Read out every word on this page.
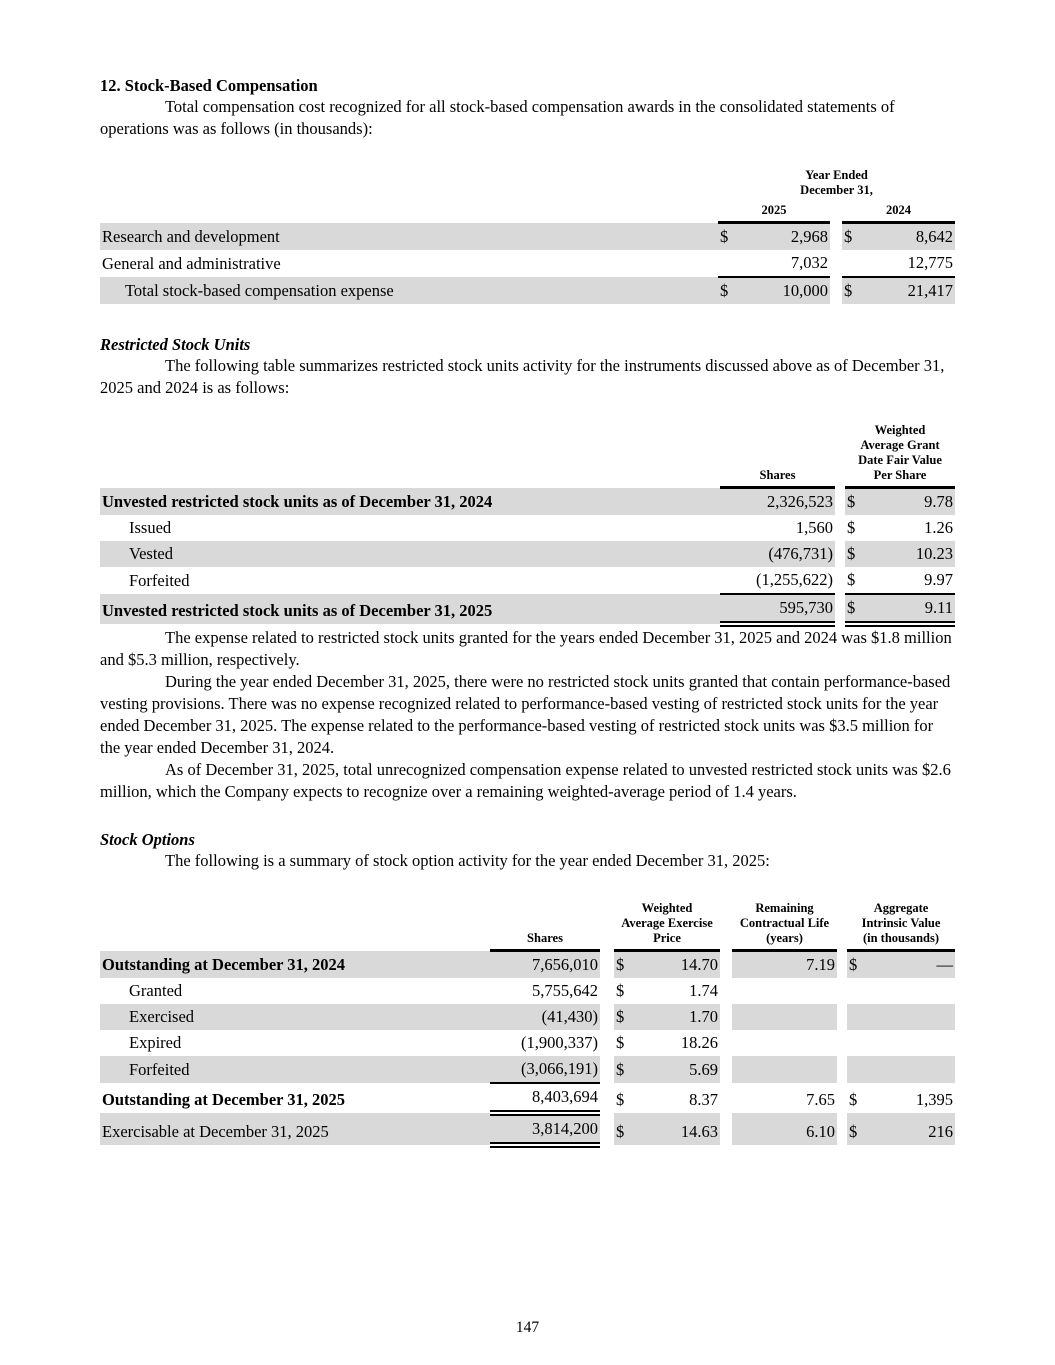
12. Stock-Based Compensation

Total compensation cost recognized for all stock-based compensation awards in the consolidated statements of operations was as follows (in thousands):

	Year Ended
December 31,				

	2025			2024	
Research and development	$	2,968		$	8,642
General and administrative		7,032			12,775
Total stock-based compensation expense	$	10,000		$	21,417
Restricted Stock Units

The following table summarizes restricted stock units activity for the instruments discussed above as of December 31, 2025 and 2024 is as follows:

	Shares		Weighted Average Grant Date Fair Value Per Share	

Unvested restricted stock units as of December 31, 2024	2,326,523		$	9.78
Issued	1,560		$	1.26
Vested	(476,731)		$	10.23
Forfeited	(1,255,622)		$	9.97
Unvested restricted stock units as of December 31, 2025	595,730		$	9.11

The expense related to restricted stock units granted for the years ended December 31, 2025 and 2024 was $1.8 million and $5.3 million, respectively.

During the year ended December 31, 2025, there were no restricted stock units granted that contain performance-based vesting provisions. There was no expense recognized related to performance-based vesting of restricted stock units for the year ended December 31, 2025. The expense related to the performance-based vesting of restricted stock units was $3.5 million for the year ended December 31, 2024.

As of December 31, 2025, total unrecognized compensation expense related to unvested restricted stock units was $2.6 million, which the Company expects to recognize over a remaining weighted-average period of 1.4 years.

Stock Options

The following is a summary of stock option activity for the year ended December 31, 2025:

	Shares		Weighted Average Exercise Price			Remaining Contractual Life (years)		Aggregate Intrinsic Value (in thousands)	

Outstanding at December 31, 2024	7,656,010		$	14.70		7.19		$	—
Granted	5,755,642		$	1.74					
Exercised	(41,430)		$	1.70					
Expired	(1,900,337)		$	18.26					
Forfeited	(3,066,191)		$	5.69					
Outstanding at December 31, 2025	8,403,694		$	8.37		7.65		$	1,395
Exercisable at December 31, 2025	3,814,200		$	14.63		6.10		$	216
147
